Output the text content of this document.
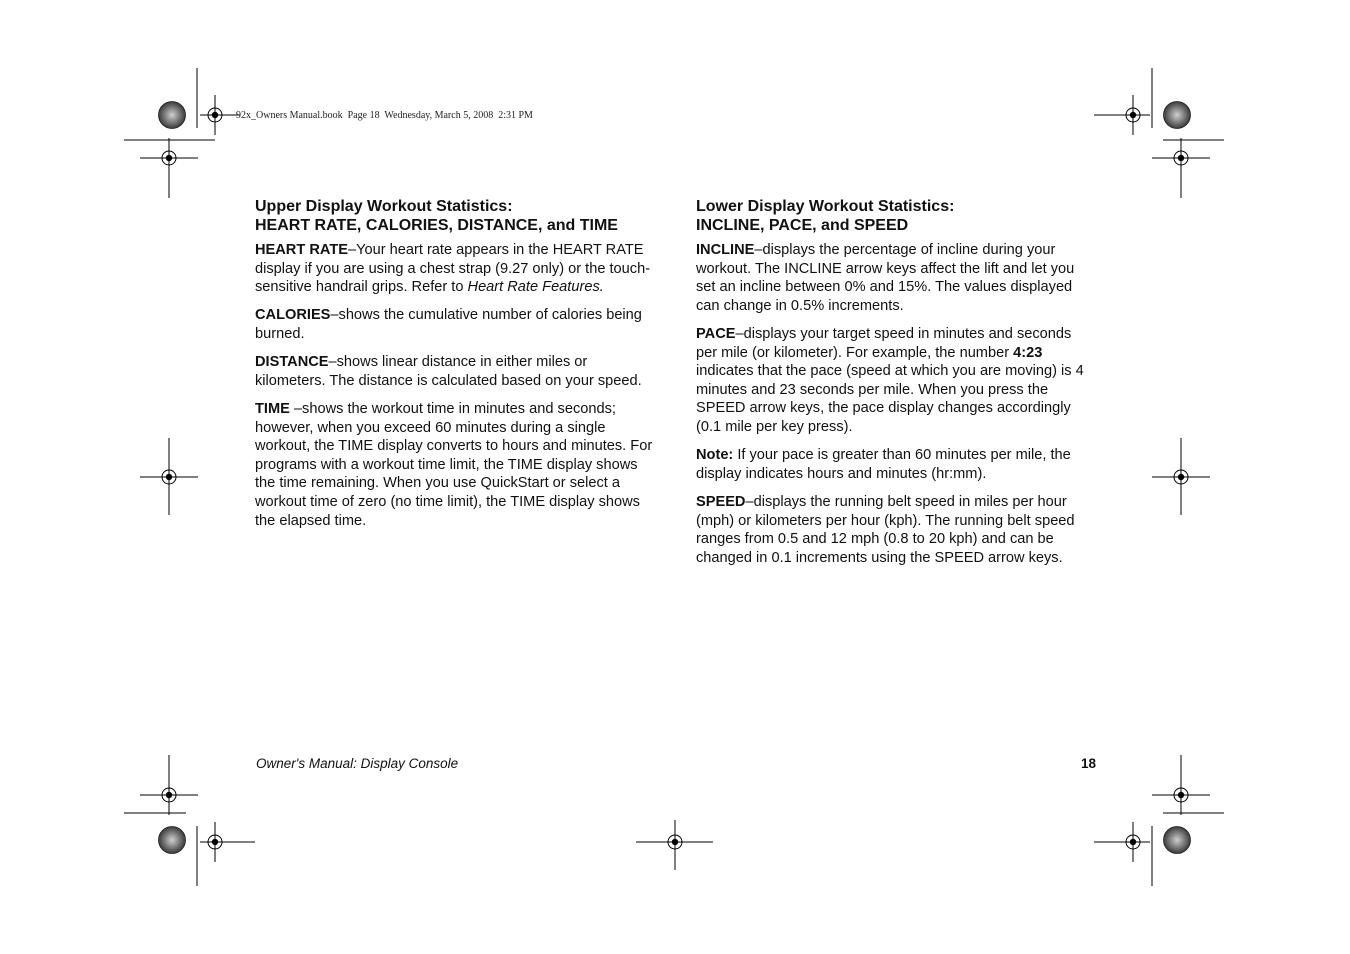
92x_Owners Manual.book  Page 18  Wednesday, March 5, 2008  2:31 PM
Upper Display Workout Statistics:
HEART RATE, CALORIES, DISTANCE, and TIME

HEART RATE–Your heart rate appears in the HEART RATE display if you are using a chest strap (9.27 only) or the touch-sensitive handrail grips. Refer to Heart Rate Features.

CALORIES–shows the cumulative number of calories being burned.

DISTANCE–shows linear distance in either miles or kilometers. The distance is calculated based on your speed.

TIME –shows the workout time in minutes and seconds; however, when you exceed 60 minutes during a single workout, the TIME display converts to hours and minutes. For programs with a workout time limit, the TIME display shows the time remaining. When you use QuickStart or select a workout time of zero (no time limit), the TIME display shows the elapsed time.

Lower Display Workout Statistics:
INCLINE, PACE, and SPEED

INCLINE–displays the percentage of incline during your workout. The INCLINE arrow keys affect the lift and let you set an incline between 0% and 15%. The values displayed can change in 0.5% increments.

PACE–displays your target speed in minutes and seconds per mile (or kilometer). For example, the number 4:23 indicates that the pace (speed at which you are moving) is 4 minutes and 23 seconds per mile. When you press the SPEED arrow keys, the pace display changes accordingly (0.1 mile per key press).

Note: If your pace is greater than 60 minutes per mile, the display indicates hours and minutes (hr:mm).

SPEED–displays the running belt speed in miles per hour (mph) or kilometers per hour (kph). The running belt speed ranges from 0.5 and 12 mph (0.8 to 20 kph) and can be changed in 0.1 increments using the SPEED arrow keys.

Owner's Manual: Display Console	18
